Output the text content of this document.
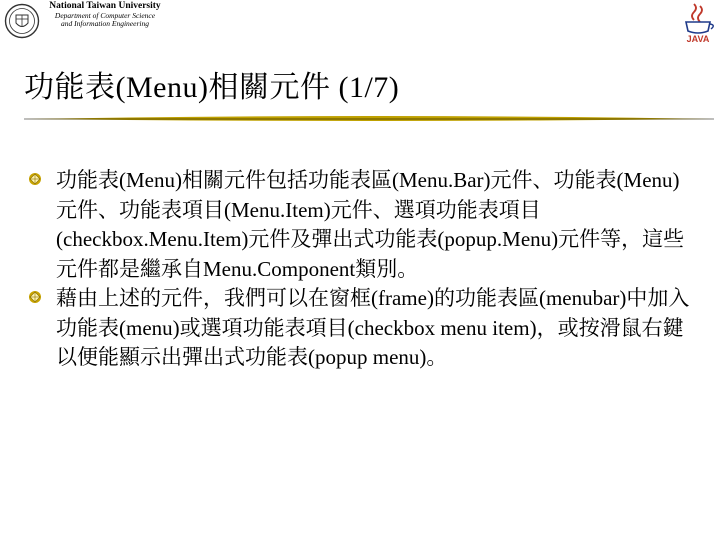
National Taiwan University
Department of Computer Science
and Information Engineering
JAVA
功能表(Menu)相關元件 (1/7)

功能表(Menu)相關元件包括功能表區(Menu.Bar)元件、功能表(Menu)元件、功能表項目(Menu.Item)元件、選項功能表項目(checkbox.Menu.Item)元件及彈出式功能表(popup.Menu)元件等，這些元件都是繼承自Menu.Component類別。

藉由上述的元件，我們可以在窗框(frame)的功能表區(menubar)中加入功能表(menu)或選項功能表項目(checkbox menu item)，或按滑鼠右鍵以便能顯示出彈出式功能表(popup menu)。
